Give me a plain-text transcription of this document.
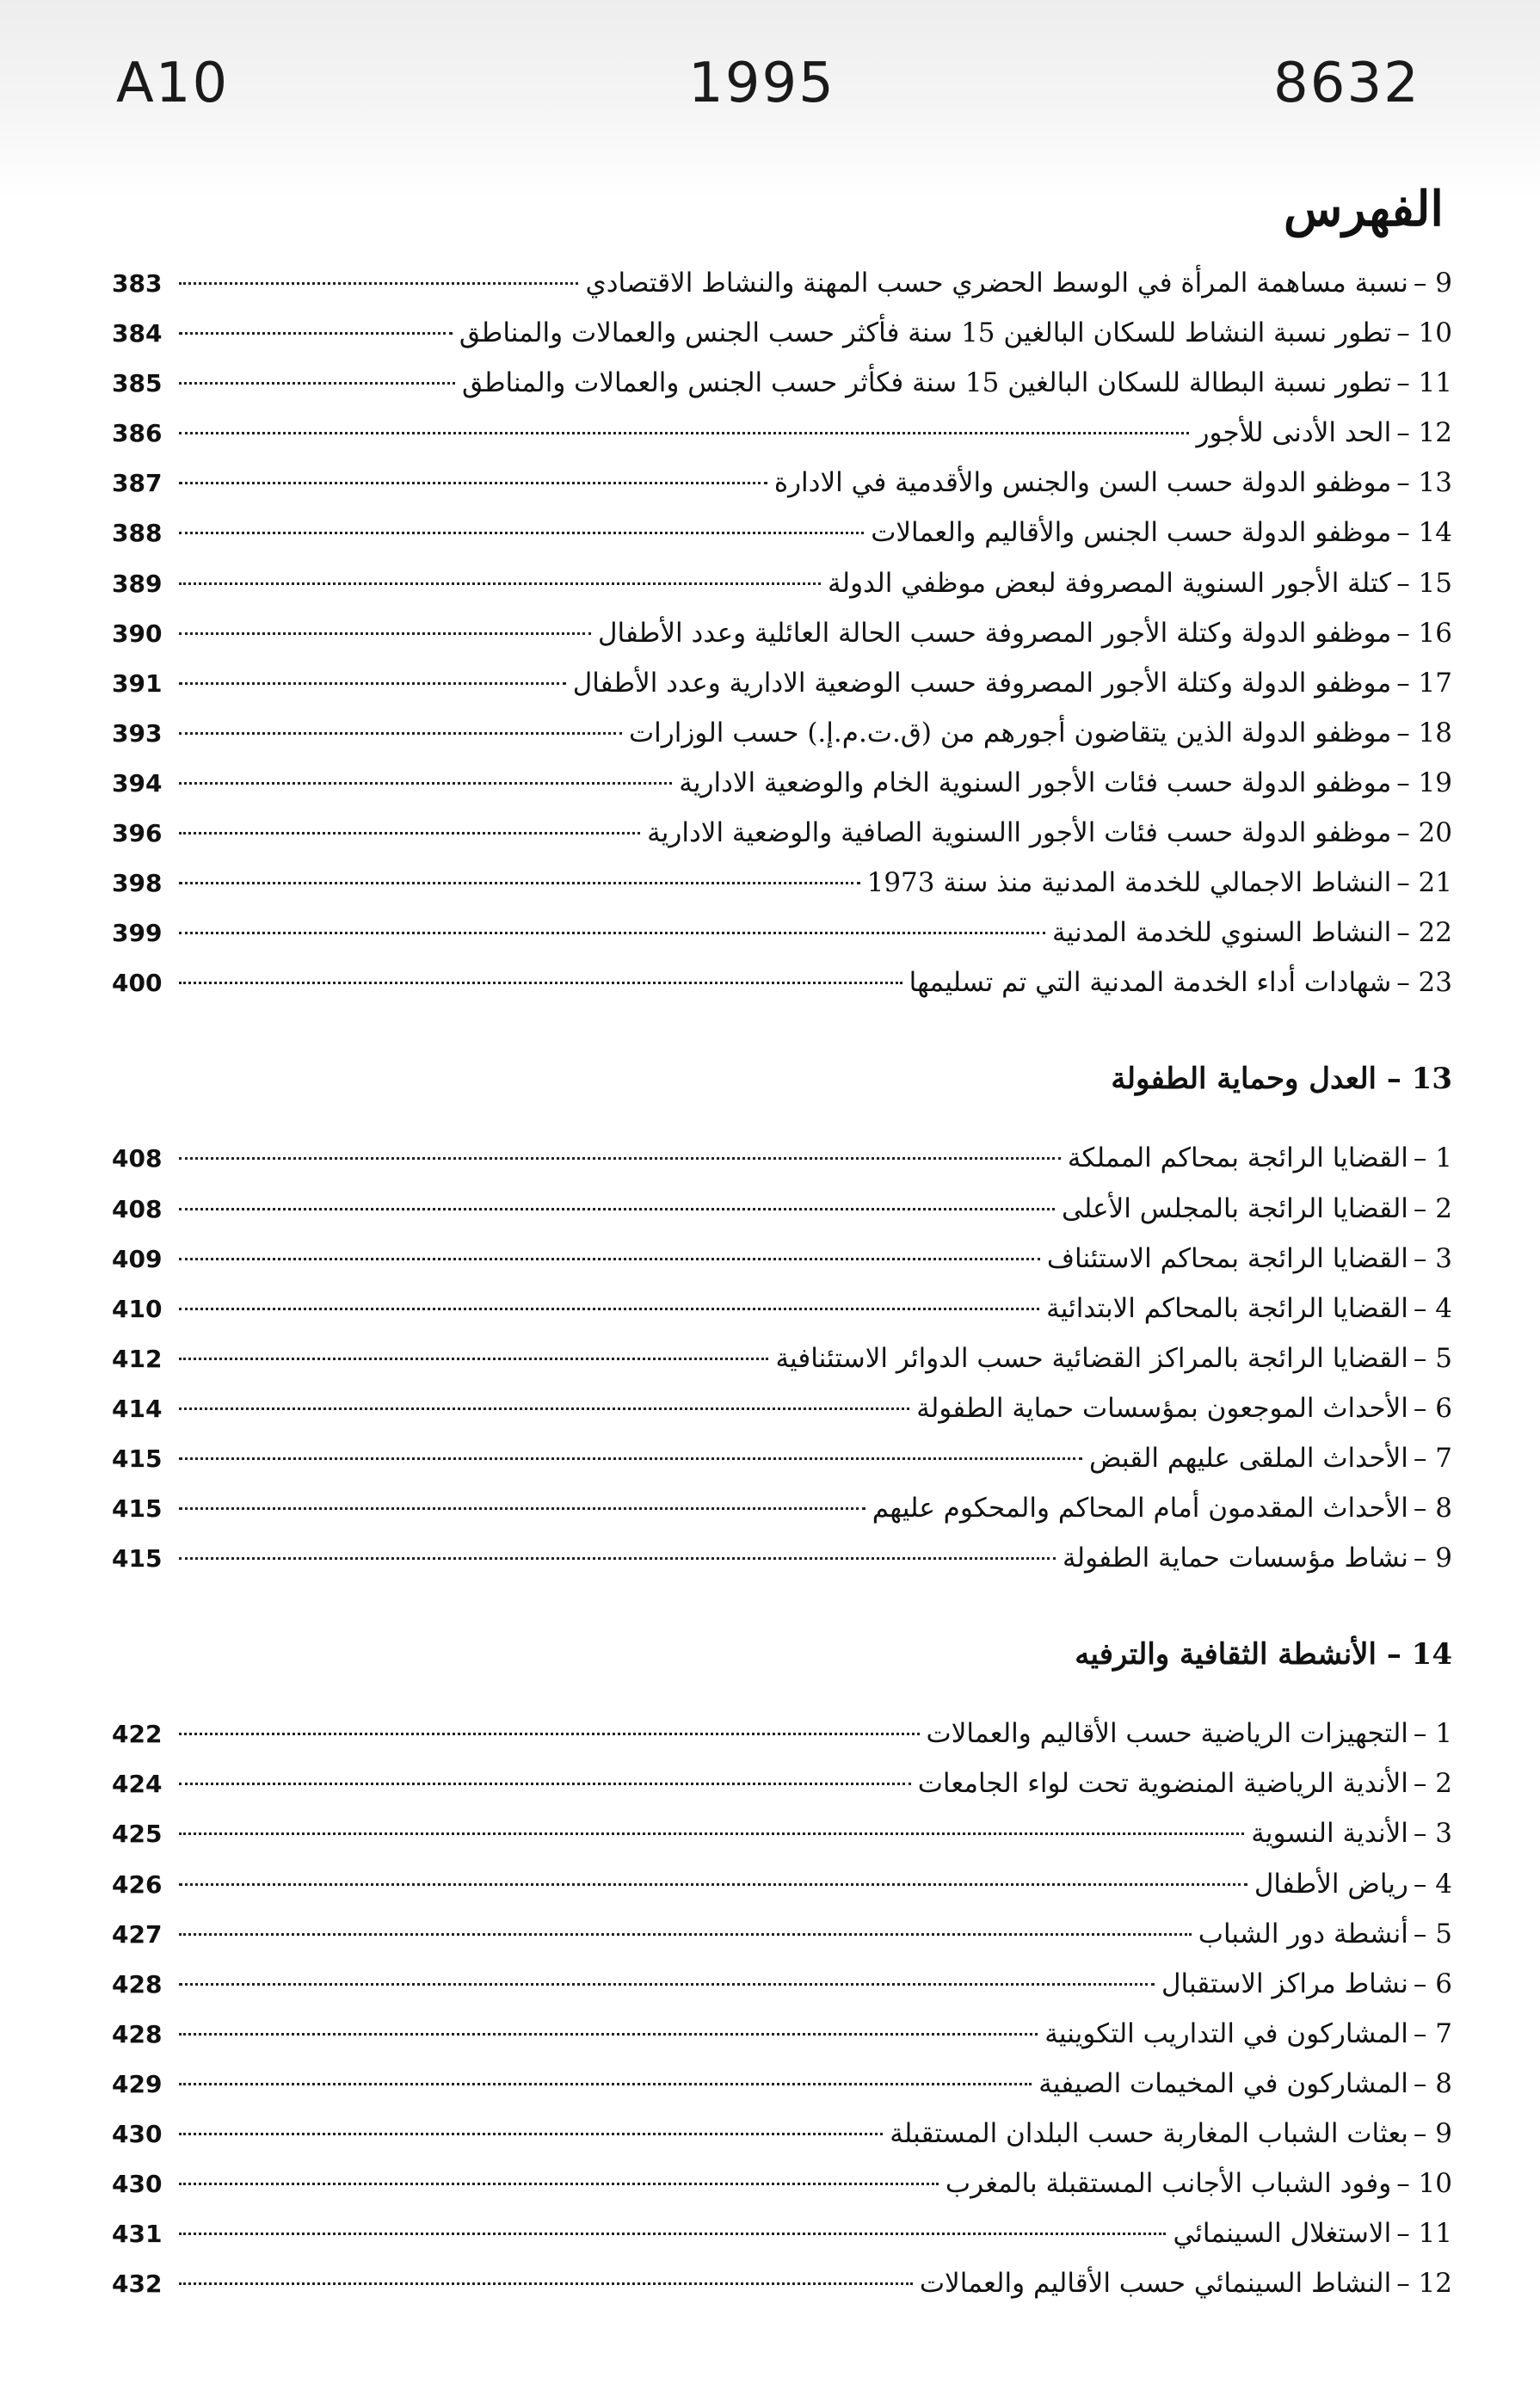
A10	1995	8632
الفهرس
9 –
نسبة مساهمة المرأة في الوسط الحضري حسب المهنة والنشاط الاقتصادي
383
10 –
تطور نسبة النشاط للسكان البالغين 15 سنة فأكثر حسب الجنس والعمالات والمناطق
384
11 –
تطور نسبة البطالة للسكان البالغين 15 سنة فكأثر حسب الجنس والعمالات والمناطق
385
12 –
الحد الأدنى للأجور
386
13 –
موظفو الدولة حسب السن والجنس والأقدمية في الادارة
387
14 –
موظفو الدولة حسب الجنس والأقاليم والعمالات
388
15 –
كتلة الأجور السنوية المصروفة لبعض موظفي الدولة
389
16 –
موظفو الدولة وكتلة الأجور المصروفة حسب الحالة العائلية وعدد الأطفال
390
17 –
موظفو الدولة وكتلة الأجور المصروفة حسب الوضعية الادارية وعدد الأطفال
391
18 –
موظفو الدولة الذين يتقاضون أجورهم من (ق.ت.م.إ.) حسب الوزارات
393
19 –
موظفو الدولة حسب فئات الأجور السنوية الخام والوضعية الادارية
394
20 –
موظفو الدولة حسب فئات الأجور االسنوية الصافية والوضعية الادارية
396
21 –
النشاط الاجمالي للخدمة المدنية منذ سنة 1973
398
22 –
النشاط السنوي للخدمة المدنية
399
23 –
شهادات أداء الخدمة المدنية التي تم تسليمها
400
13 – العدل وحماية الطفولة
1 –
القضايا الرائجة بمحاكم المملكة
408
2 –
القضايا الرائجة بالمجلس الأعلى
408
3 –
القضايا الرائجة بمحاكم الاستئناف
409
4 –
القضايا الرائجة بالمحاكم الابتدائية
410
5 –
القضايا الرائجة بالمراكز القضائية حسب الدوائر الاستئنافية
412
6 –
الأحداث الموجعون بمؤسسات حماية الطفولة
414
7 –
الأحداث الملقى عليهم القبض
415
8 –
الأحداث المقدمون أمام المحاكم والمحكوم عليهم
415
9 –
نشاط مؤسسات حماية الطفولة
415
14 – الأنشطة الثقافية والترفيه
1 –
التجهيزات الرياضية حسب الأقاليم والعمالات
422
2 –
الأندية الرياضية المنضوية تحت لواء الجامعات
424
3 –
الأندية النسوية
425
4 –
رياض الأطفال
426
5 –
أنشطة دور الشباب
427
6 –
نشاط مراكز الاستقبال
428
7 –
المشاركون في التداريب التكوينية
428
8 –
المشاركون في المخيمات الصيفية
429
9 –
بعثات الشباب المغاربة حسب البلدان المستقبلة
430
10 –
وفود الشباب الأجانب المستقبلة بالمغرب
430
11 –
الاستغلال السينمائي
431
12 –
النشاط السينمائي حسب الأقاليم والعمالات
432
